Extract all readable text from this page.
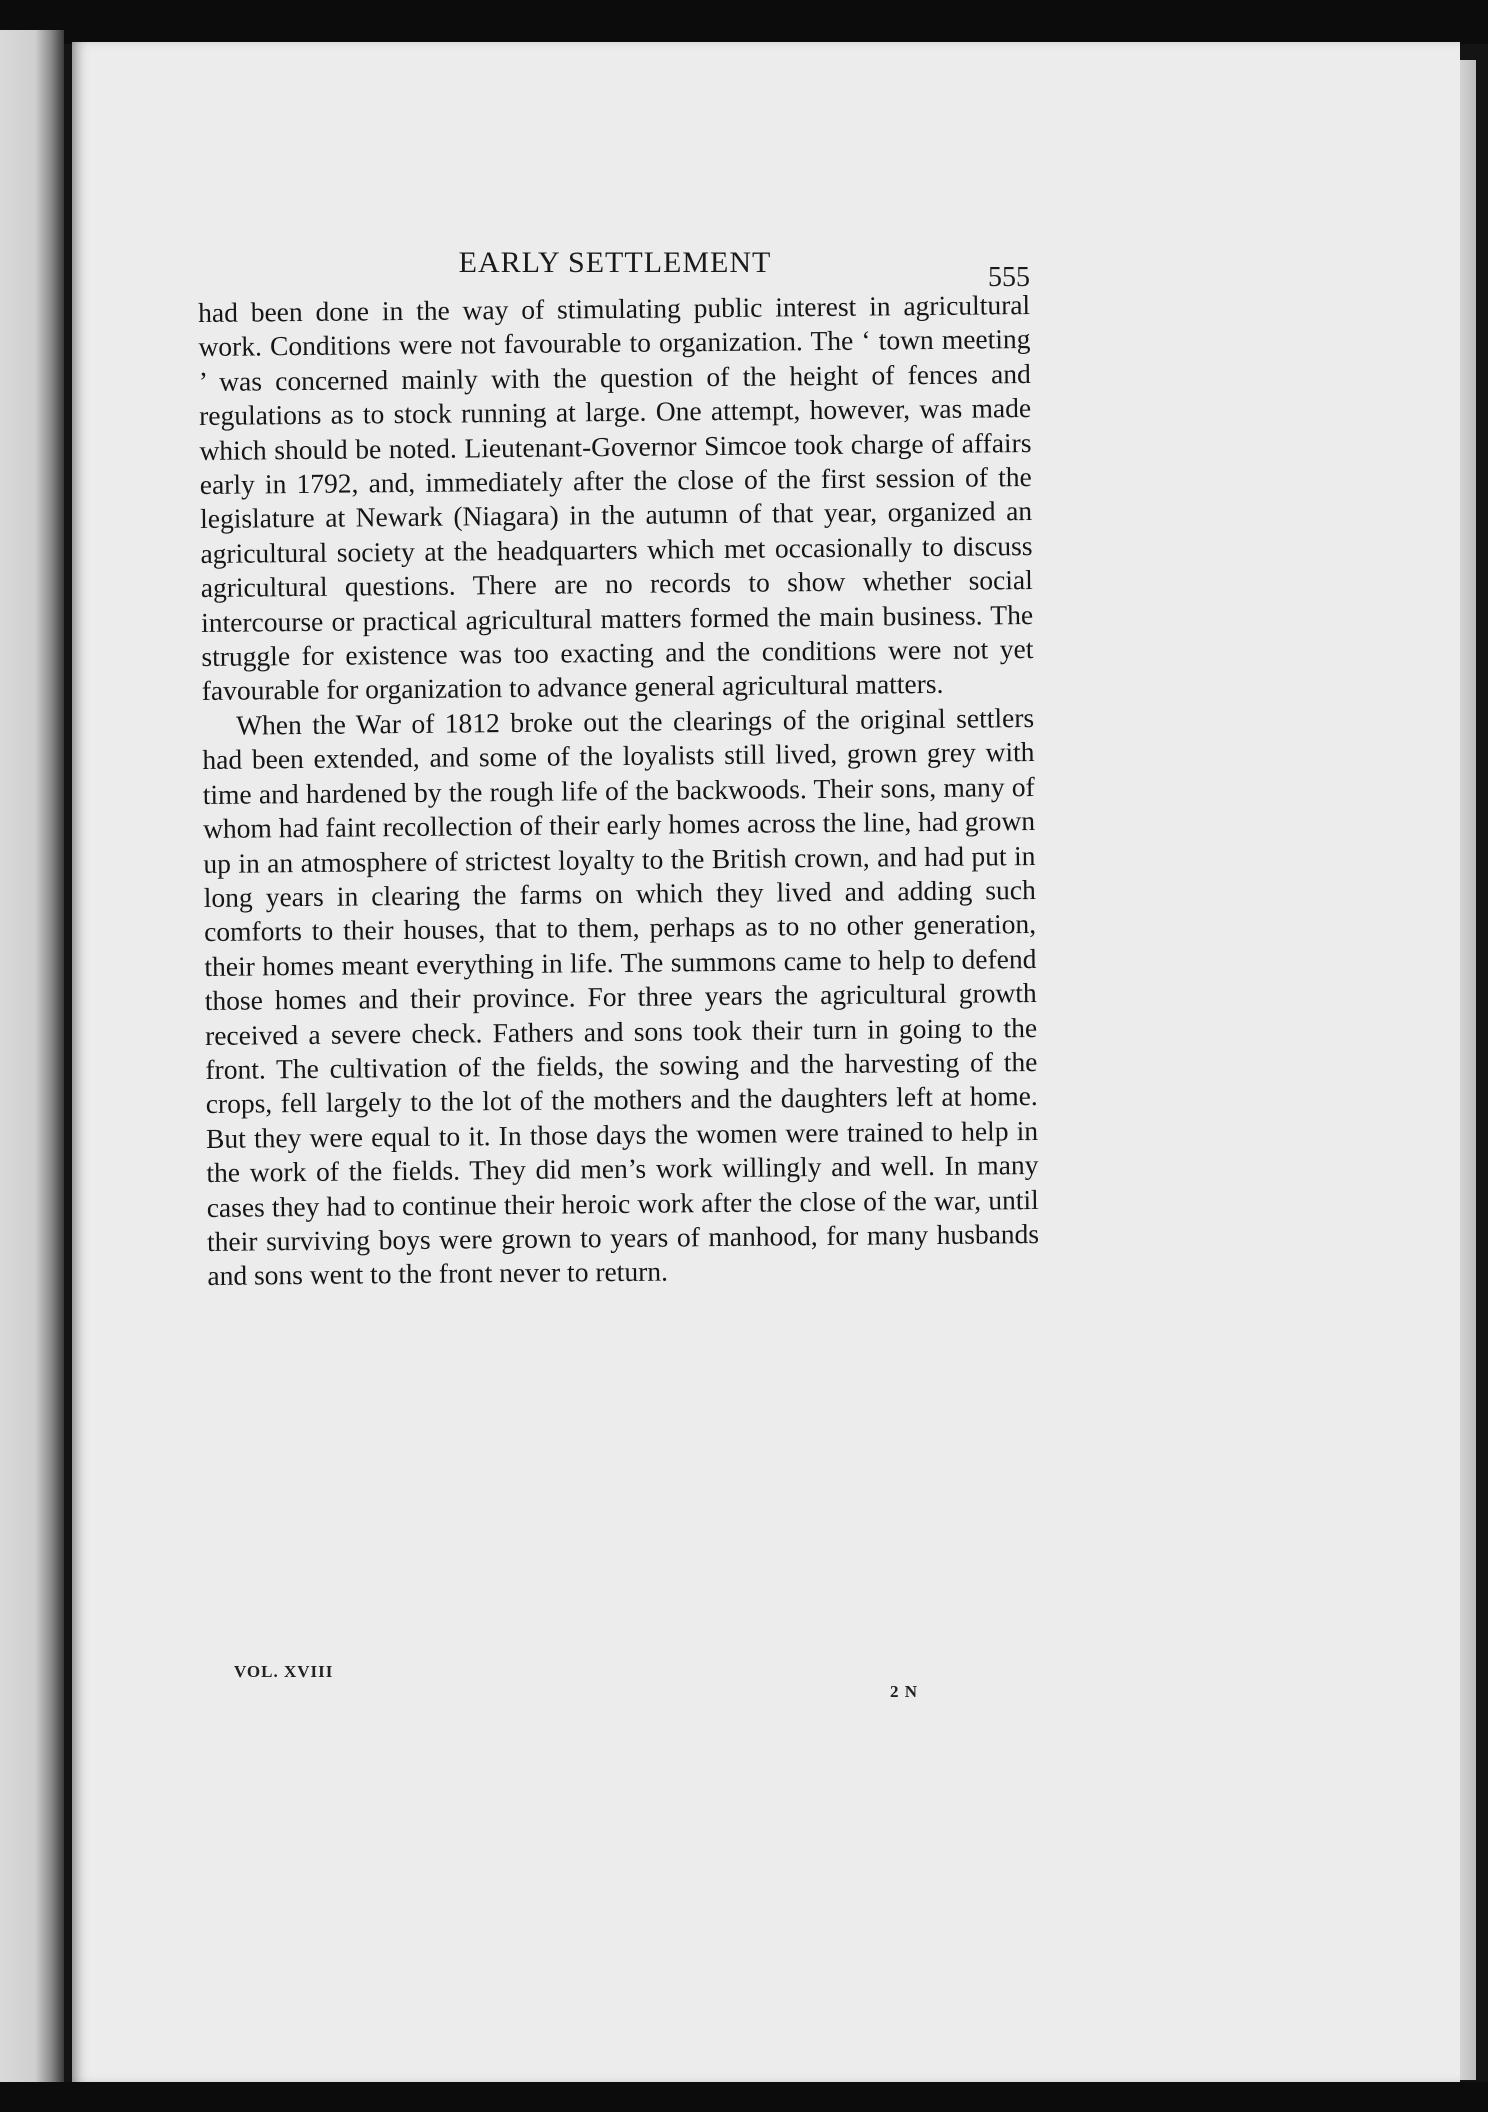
EARLY SETTLEMENT	555

had been done in the way of stimulating public interest in agricultural work. Conditions were not favourable to organization. The ‘ town meeting ’ was concerned mainly with the question of the height of fences and regulations as to stock running at large. One attempt, however, was made which should be noted. Lieutenant-Governor Simcoe took charge of affairs early in 1792, and, immediately after the close of the first session of the legislature at Newark (Niagara) in the autumn of that year, organized an agricultural society at the headquarters which met occasionally to discuss agricultural questions. There are no records to show whether social intercourse or practical agricultural matters formed the main business. The struggle for existence was too exacting and the conditions were not yet favourable for organization to advance general agricultural matters.

When the War of 1812 broke out the clearings of the original settlers had been extended, and some of the loyalists still lived, grown grey with time and hardened by the rough life of the backwoods. Their sons, many of whom had faint recollection of their early homes across the line, had grown up in an atmosphere of strictest loyalty to the British crown, and had put in long years in clearing the farms on which they lived and adding such comforts to their houses, that to them, perhaps as to no other generation, their homes meant everything in life. The summons came to help to defend those homes and their province. For three years the agricultural growth received a severe check. Fathers and sons took their turn in going to the front. The cultivation of the fields, the sowing and the harvesting of the crops, fell largely to the lot of the mothers and the daughters left at home. But they were equal to it. In those days the women were trained to help in the work of the fields. They did men’s work willingly and well. In many cases they had to continue their heroic work after the close of the war, until their surviving boys were grown to years of manhood, for many husbands and sons went to the front never to return.

VOL. XVIII
2 N
